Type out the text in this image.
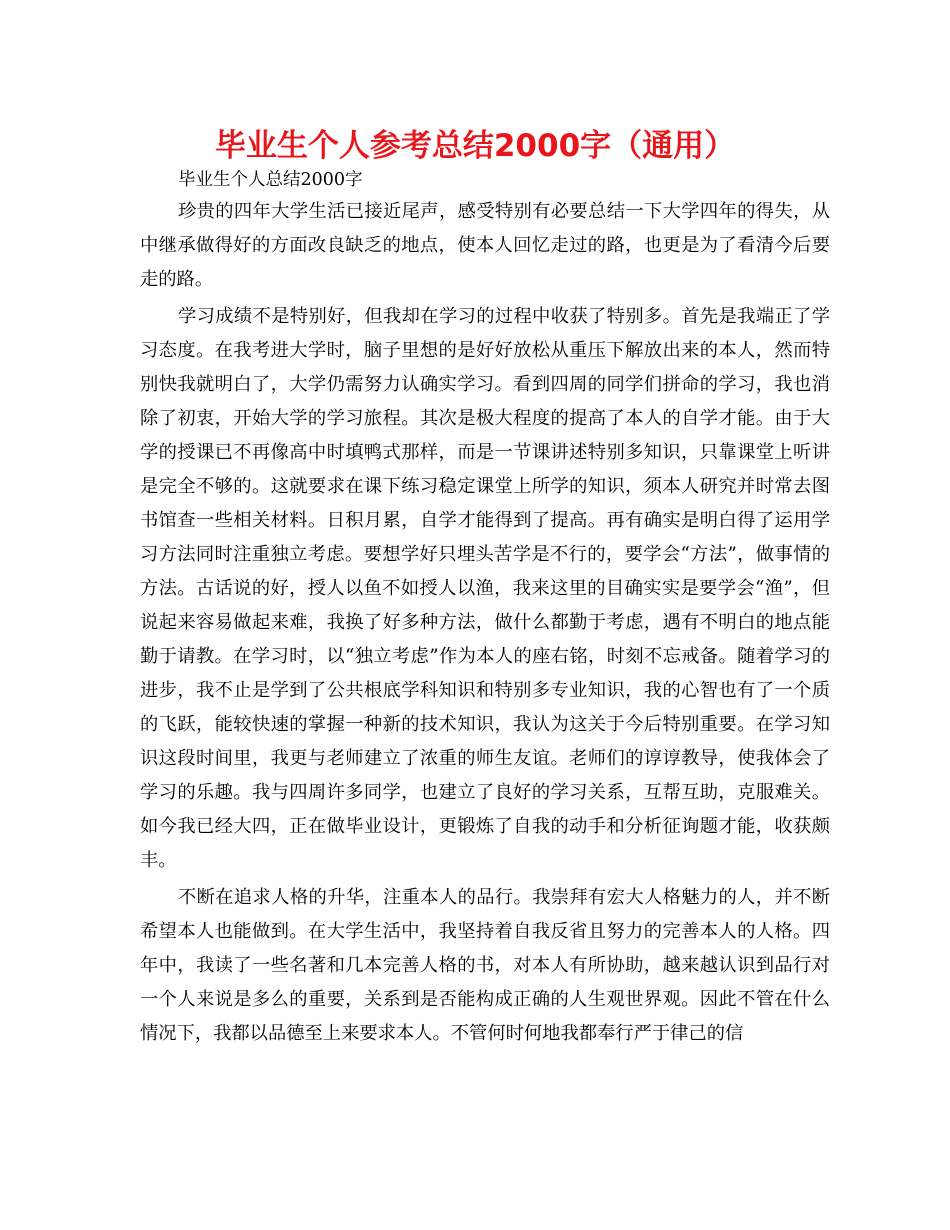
毕业生个人参考总结2000字（通用）

毕业生个人总结2000字

珍贵的四年大学生活已接近尾声，感受特别有必要总结一下大学四年的得失，从中继承做得好的方面改良缺乏的地点，使本人回忆走过的路，也更是为了看清今后要走的路。

学习成绩不是特别好，但我却在学习的过程中收获了特别多。首先是我端正了学习态度。在我考进大学时，脑子里想的是好好放松从重压下解放出来的本人，然而特别快我就明白了，大学仍需努力认确实学习。看到四周的同学们拼命的学习，我也消除了初衷，开始大学的学习旅程。其次是极大程度的提高了本人的自学才能。由于大学的授课已不再像高中时填鸭式那样，而是一节课讲述特别多知识，只靠课堂上听讲是完全不够的。这就要求在课下练习稳定课堂上所学的知识，须本人研究并时常去图书馆查一些相关材料。日积月累，自学才能得到了提高。再有确实是明白得了运用学习方法同时注重独立考虑。要想学好只埋头苦学是不行的，要学会“方法”，做事情的方法。古话说的好，授人以鱼不如授人以渔，我来这里的目确实实是要学会“渔”，但说起来容易做起来难，我换了好多种方法，做什么都勤于考虑，遇有不明白的地点能勤于请教。在学习时，以“独立考虑”作为本人的座右铭，时刻不忘戒备。随着学习的进步，我不止是学到了公共根底学科知识和特别多专业知识，我的心智也有了一个质的飞跃，能较快速的掌握一种新的技术知识，我认为这关于今后特别重要。在学习知识这段时间里，我更与老师建立了浓重的师生友谊。老师们的谆谆教导，使我体会了学习的乐趣。我与四周许多同学，也建立了良好的学习关系，互帮互助，克服难关。如今我已经大四，正在做毕业设计，更锻炼了自我的动手和分析征询题才能，收获颇丰。

不断在追求人格的升华，注重本人的品行。我崇拜有宏大人格魅力的人，并不断希望本人也能做到。在大学生活中，我坚持着自我反省且努力的完善本人的人格。四年中，我读了一些名著和几本完善人格的书，对本人有所协助，越来越认识到品行对一个人来说是多么的重要，关系到是否能构成正确的人生观世界观。因此不管在什么情况下，我都以品德至上来要求本人。不管何时何地我都奉行严于律己的信
